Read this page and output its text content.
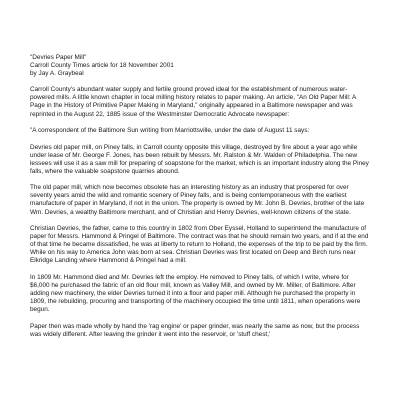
"Devries Paper Mill"
Carroll County Times article for 18 November 2001
by Jay A. Graybeal

Carroll County's abundant water supply and fertile ground proved ideal for the establishment of numerous water-powered mills. A little known chapter in local milling history relates to paper making. An article, "An Old Paper Mill: A Page in the History of Primitive Paper Making in Maryland," originally appeared in a Baltimore newspaper and was reprinted in the August 22, 1885 issue of the Westminster Democratic Advocate newspaper:

"A correspondent of the Baltimore Sun writing from Marriottsville, under the date of August 11 says:

Devries old paper mill, on Piney falls, in Carroll county opposite this village, destroyed by fire about a year ago while under lease of Mr. George F. Jones, has been rebuilt by Messrs. Mr. Ralston & Mr. Walden of Philadelphia. The new lessees will use it as a saw mill for preparing of soapstone for the market, which is an important industry along the Piney falls, where the valuable soapstone quarries abound.

The old paper mill, which now becomes obsolete has an interesting history as an industry that prospered for over seventy years amid the wild and romantic scenery of Piney falls, and is being contemporaneous with the earliest manufacture of paper in Maryland, if not in the union. The property is owned by Mr. John B. Devries, brother of the late Wm. Devries, a wealthy Baltimore merchant, and of Christian and Henry Devries, well-known citizens of the state.

Christian Devries, the father, came to this country in 1802 from Ober Eyssel, Holland to superintend the manufacture of paper for Messrs. Hammond & Pringel of Baltimore. The contract was that he should remain two years, and if at the end of that time he became dissatisfied, he was at liberty to return to Holland, the expenses of the trip to be paid by the firm. While on his way to America John was born at sea. Christian Devries was first located on Deep and Birch runs near Elkridge Landing where Hammond & Pringel had a mill.

In 1809 Mr. Hammond died and Mr. Devries left the employ. He removed to Piney falls, of which I write, where for $6,000 he purchased the fabric of an old flour mill, known as Valley Mill, and owned by Mr. Miller, of Baltimore. After adding new machinery, the elder Devries turned it into a flour and paper mill. Although he purchased the property in 1809, the rebuilding, procuring and transporting of the machinery occupied the time until 1811, when operations were begun.

Paper then was made wholly by hand the 'rag engine' or paper grinder, was nearly the same as now, but the process was widely different. After leaving the grinder it went into the reservoir, or 'stuff chest,'
